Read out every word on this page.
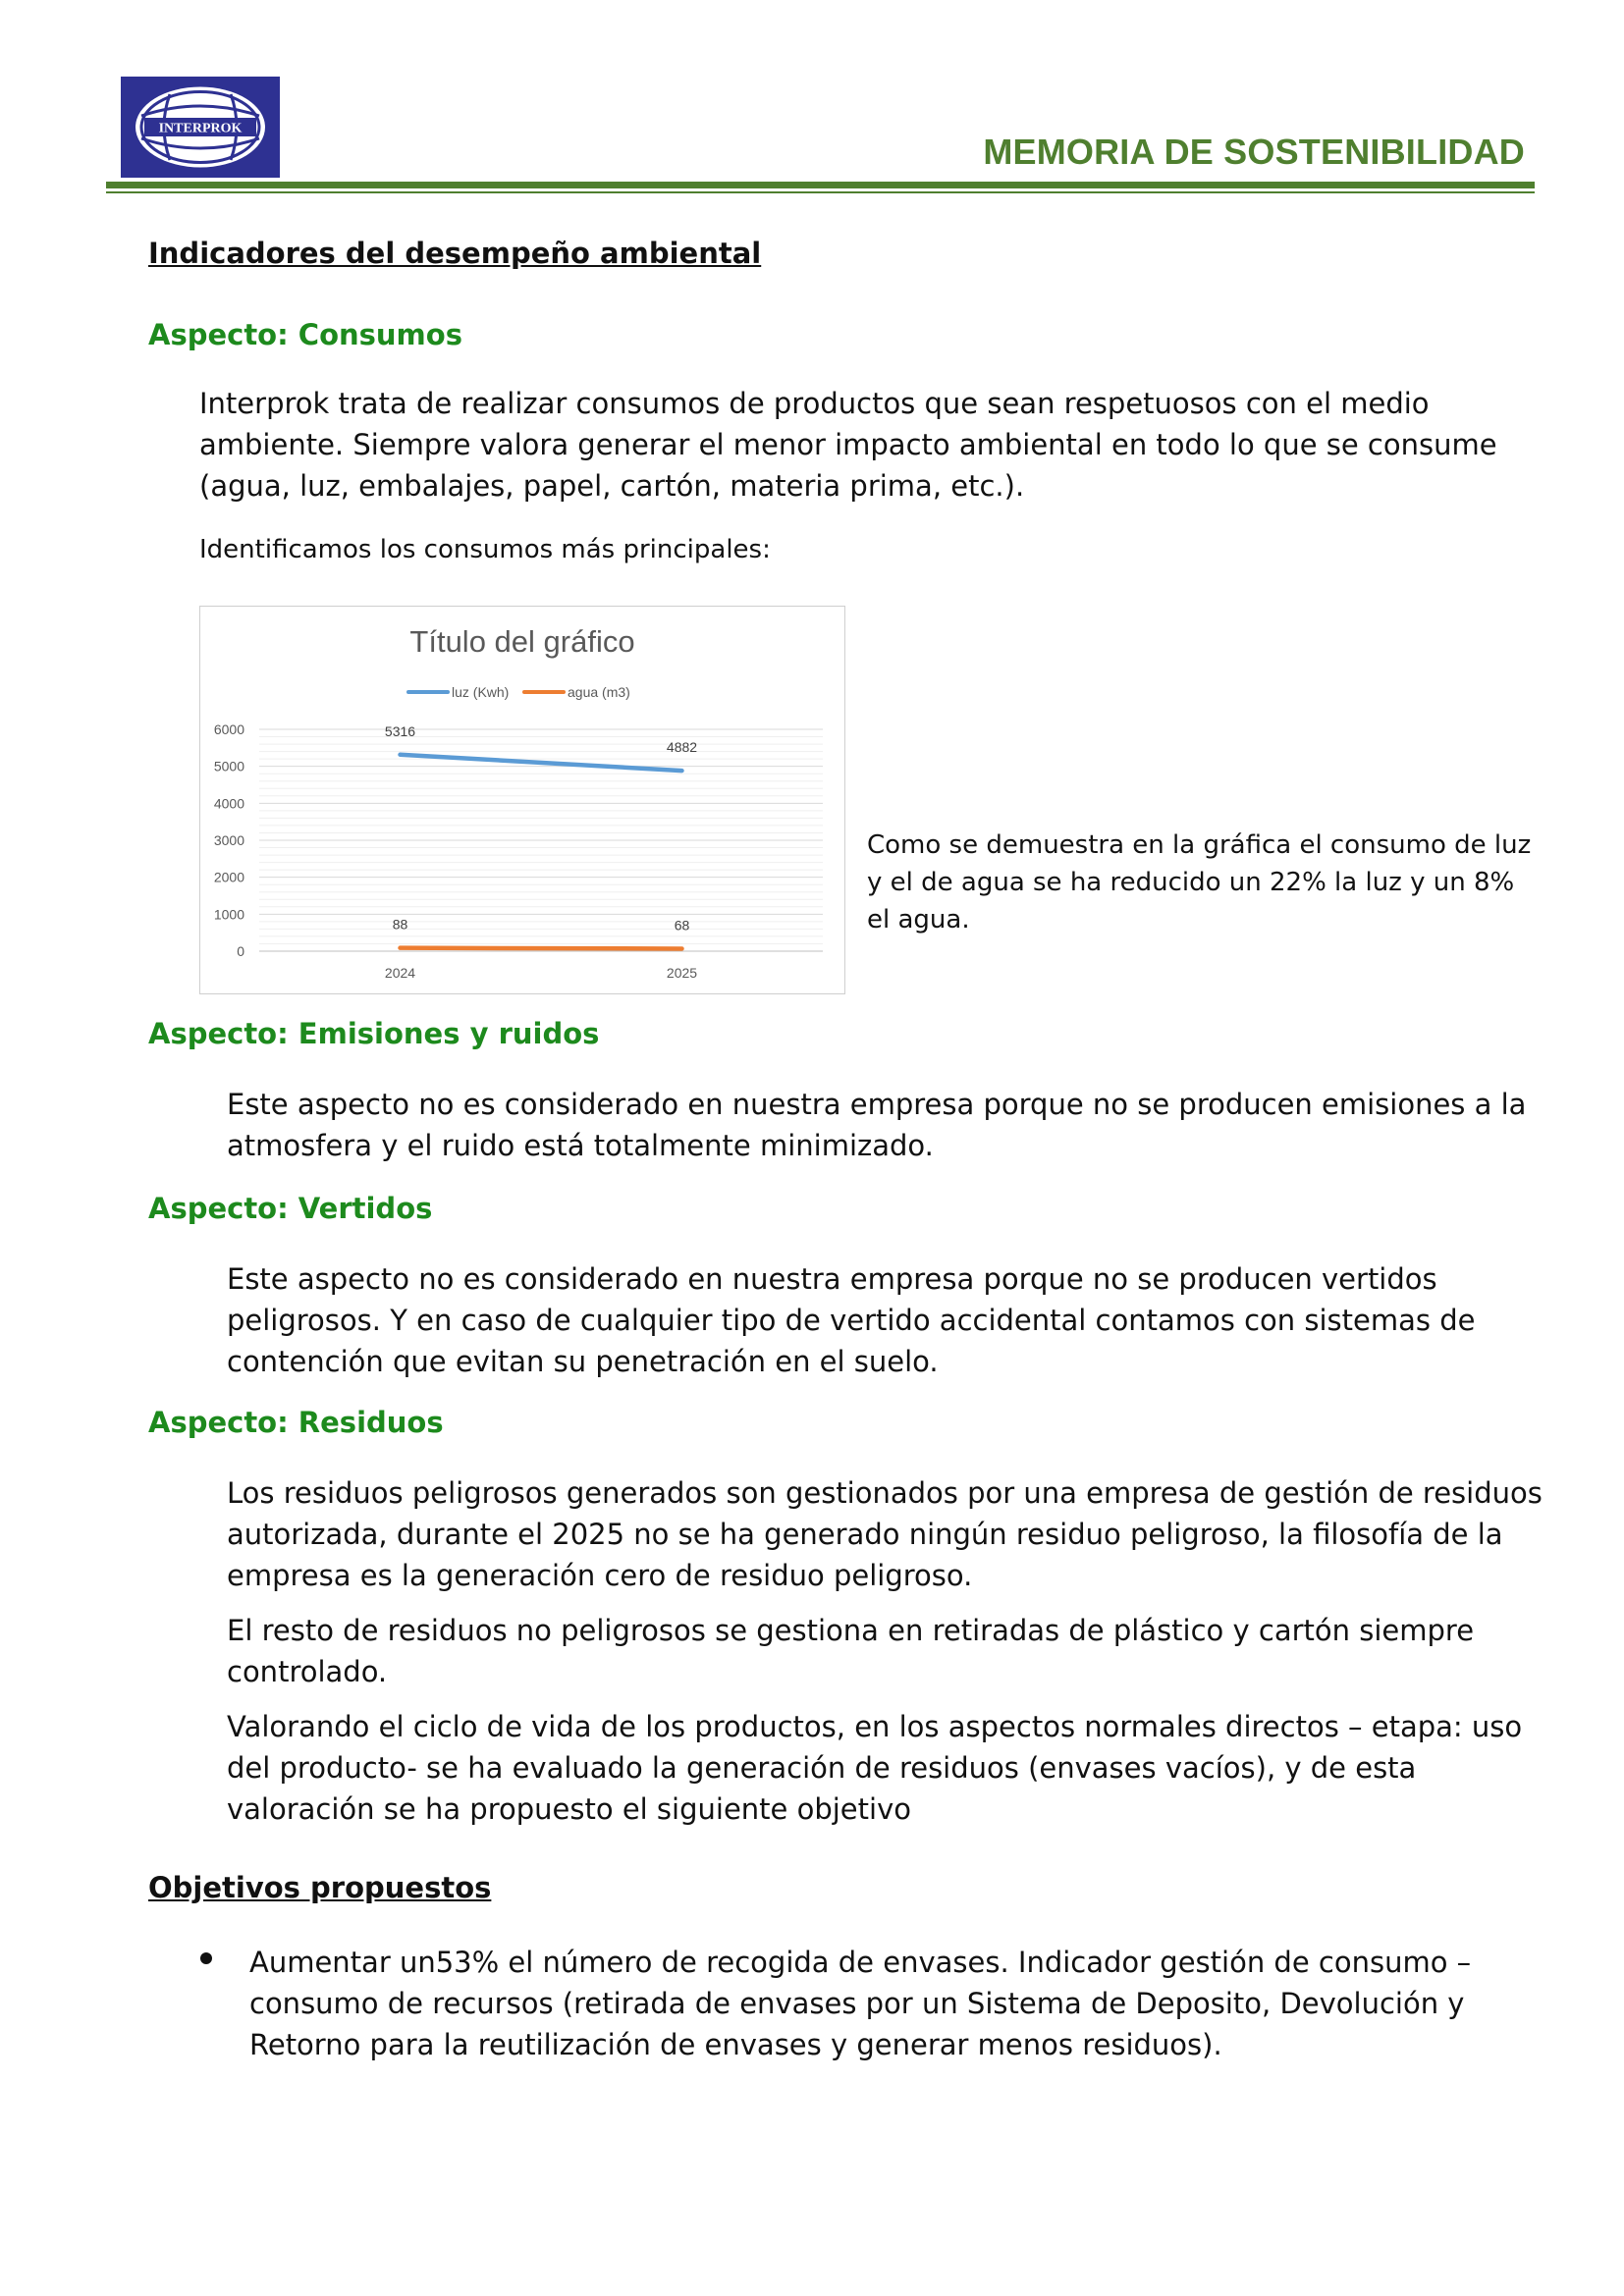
INTERPROK
MEMORIA DE SOSTENIBILIDAD
Indicadores del desempeño ambiental
Aspecto: Consumos
Interprok trata de realizar consumos de productos que sean respetuosos con el medio ambiente. Siempre valora generar el menor impacto ambiental en todo lo que se consume (agua, luz, embalajes, papel, cartón, materia prima, etc.).
Identificamos los consumos más principales:
Título del gráfico
luz (Kwh)	agua (m3)
0
1000
2000
3000
4000
5000
6000
2024	2025
5316
4882
88	68
Como se demuestra en la gráfica el consumo de luz y el de agua se ha reducido un 22% la luz y un 8% el agua.
Aspecto: Emisiones y ruidos
Este aspecto no es considerado en nuestra empresa porque no se producen emisiones a la atmosfera y el ruido está totalmente minimizado.
Aspecto: Vertidos
Este aspecto no es considerado en nuestra empresa porque no se producen vertidos peligrosos. Y en caso de cualquier tipo de vertido accidental contamos con sistemas de contención que evitan su penetración en el suelo.
Aspecto: Residuos
Los residuos peligrosos generados son gestionados por una empresa de gestión de residuos autorizada, durante el 2025 no se ha generado ningún residuo peligroso, la filosofía de la empresa es la generación cero de residuo peligroso.
El resto de residuos no peligrosos se gestiona en retiradas de plástico y cartón siempre controlado.
Valorando el ciclo de vida de los productos, en los aspectos normales directos – etapa: uso del producto- se ha evaluado la generación de residuos (envases vacíos), y de esta valoración se ha propuesto el siguiente objetivo
Objetivos propuestos
Aumentar un53% el número de recogida de envases. Indicador gestión de consumo – consumo de recursos (retirada de envases por un Sistema de Deposito, Devolución y Retorno para la reutilización de envases y generar menos residuos).
